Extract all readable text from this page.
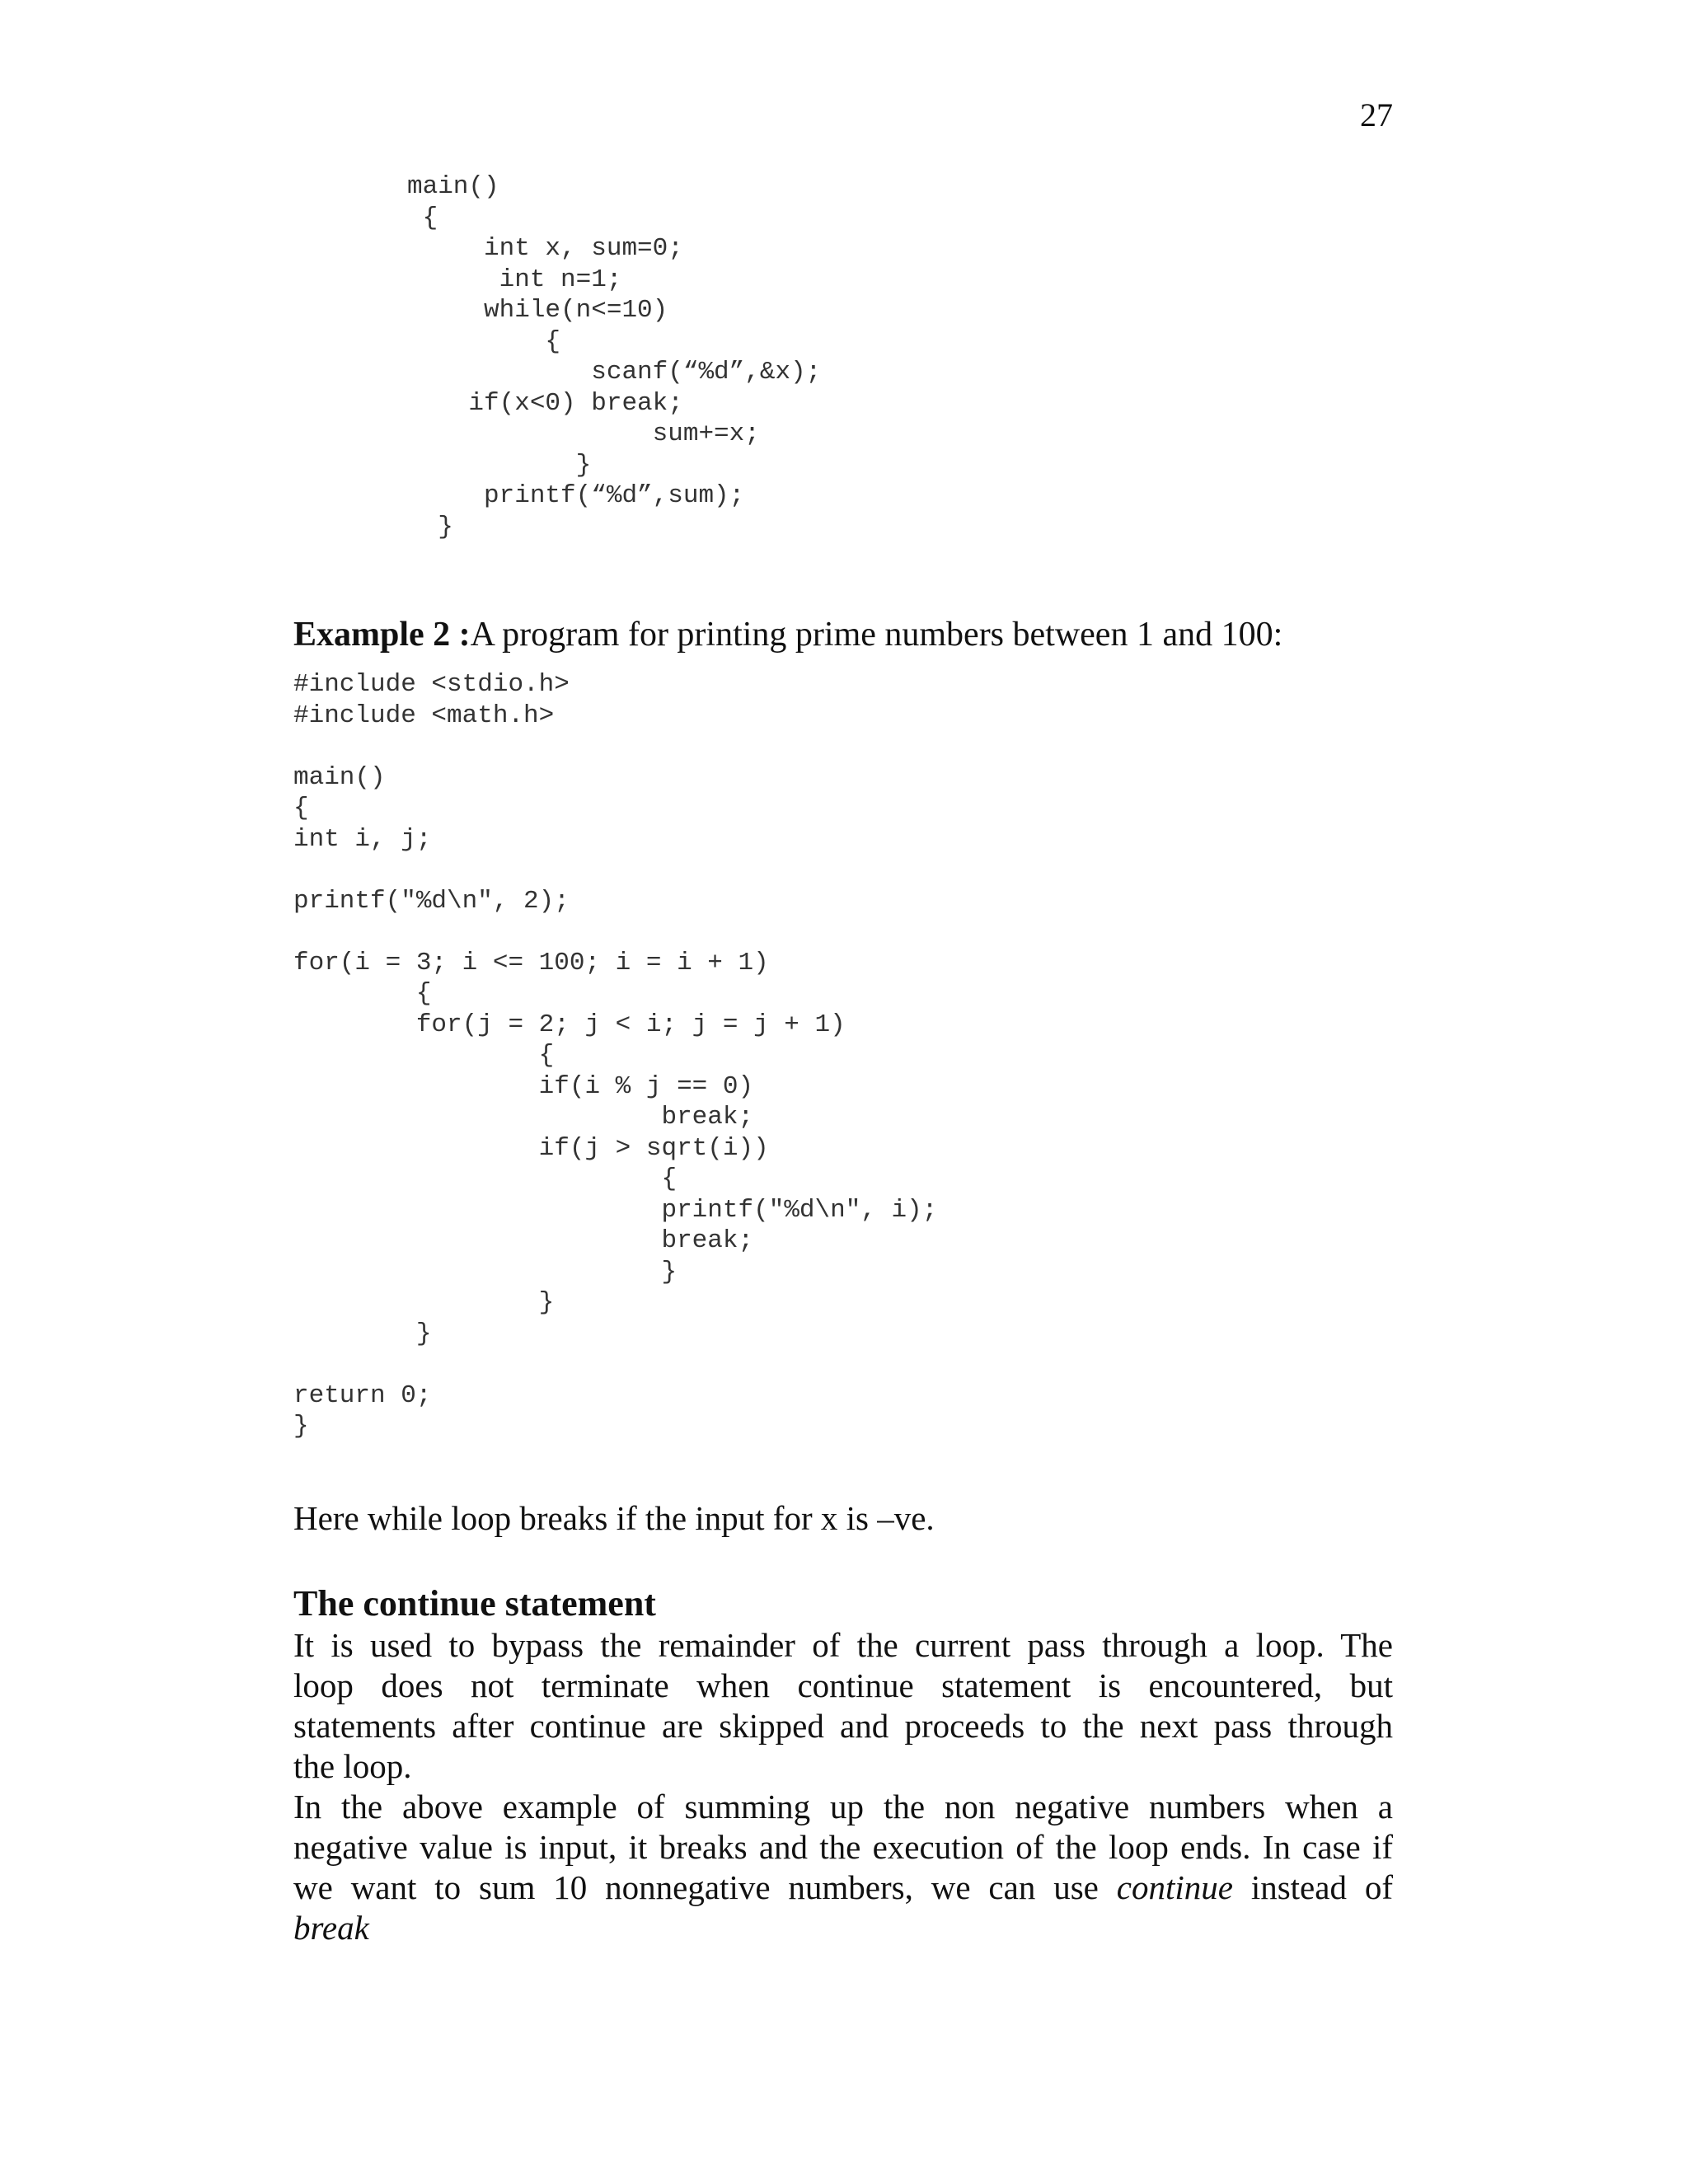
27
main()
{
int x, sum=0;
int n=1;
while(n<=10)
{
scanf(“%d”,&x);
if(x<0) break;
sum+=x;
}
printf(“%d”,sum);
}
Example 2 :A program for printing prime numbers between 1 and 100:
#include <stdio.h>
#include <math.h>

main()
{
int i, j;

printf("%d\n", 2);

for(i = 3; i <= 100; i = i + 1)
{
for(j = 2; j < i; j = j + 1)
{
if(i % j == 0)
break;
if(j > sqrt(i))
{
printf("%d\n", i);
break;
}
}
}

return 0;
}
Here while loop breaks if the input for x is –ve.
The continue statement
It is used to bypass the remainder of the current pass through a loop. The
loop does not terminate when continue statement is encountered, but
statements after continue are skipped and proceeds to the next pass through
the loop.
In the above example of summing up the non negative numbers when a
negative value is input, it breaks and the execution of the loop ends. In case if
we want to sum 10 nonnegative numbers, we can use continue instead of
break
